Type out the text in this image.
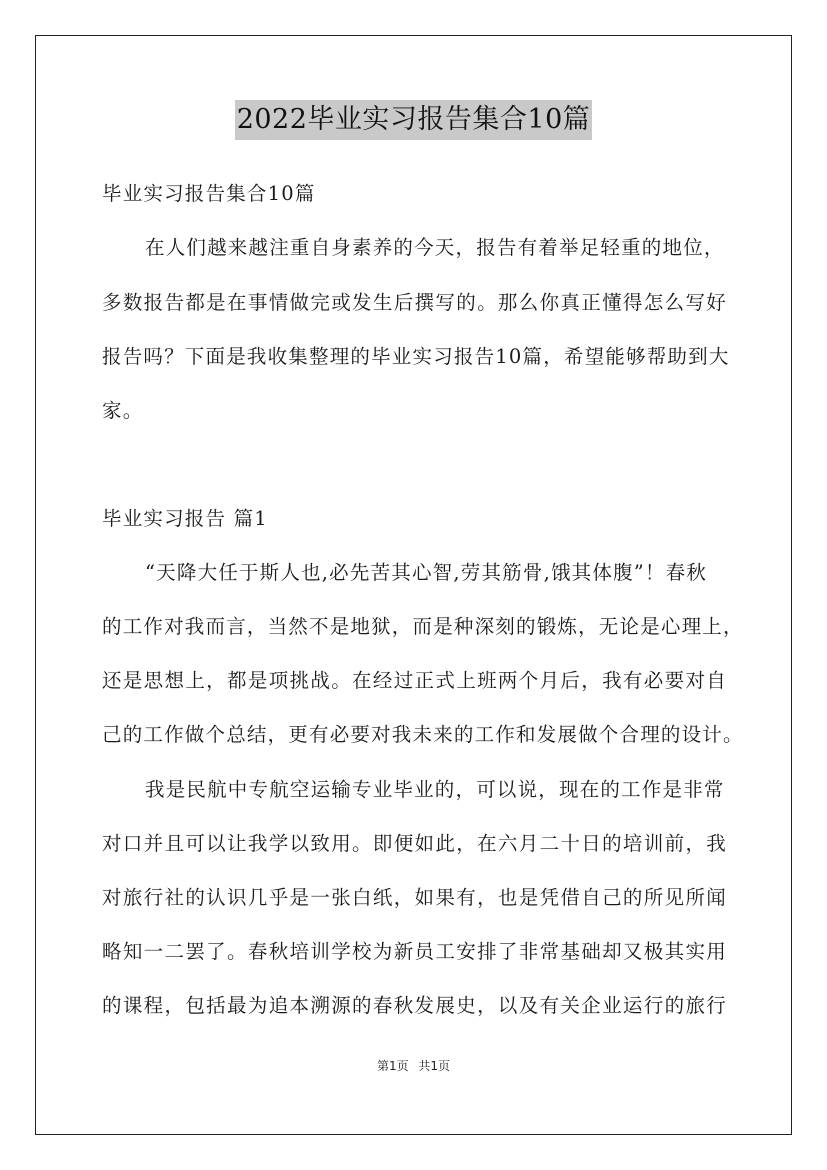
2022毕业实习报告集合10篇
毕业实习报告集合10篇
在人们越来越注重自身素养的今天，报告有着举足轻重的地位，
多数报告都是在事情做完或发生后撰写的。那么你真正懂得怎么写好
报告吗？下面是我收集整理的毕业实习报告10篇，希望能够帮助到大
家。
毕业实习报告 篇1
“天降大任于斯人也,必先苦其心智,劳其筋骨,饿其体腹”！春秋
的工作对我而言，当然不是地狱，而是种深刻的锻炼，无论是心理上，
还是思想上，都是项挑战。在经过正式上班两个月后，我有必要对自
己的工作做个总结，更有必要对我未来的工作和发展做个合理的设计。
我是民航中专航空运输专业毕业的，可以说，现在的工作是非常
对口并且可以让我学以致用。即便如此，在六月二十日的培训前，我
对旅行社的认识几乎是一张白纸，如果有，也是凭借自己的所见所闻
略知一二罢了。春秋培训学校为新员工安排了非常基础却又极其实用
的课程，包括最为追本溯源的春秋发展史，以及有关企业运行的旅行
第1页 共1页
